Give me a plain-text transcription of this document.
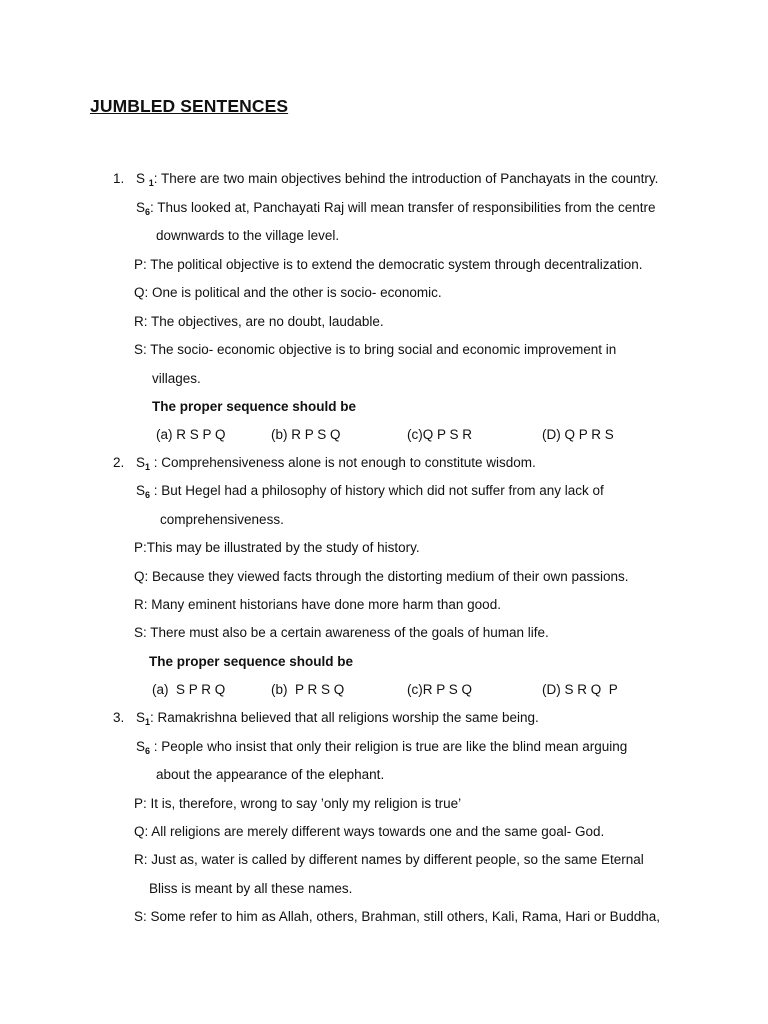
JUMBLED SENTENCES
1. S $_1$: There are two main objectives behind the introduction of Panchayats in the country.
$S_6$: Thus looked at, Panchayati Raj will mean transfer of responsibilities from the centre
downwards to the village level.
P: The political objective is to extend the democratic system through decentralization.
Q: One is political and the other is socio- economic.
R: The objectives, are no doubt, laudable.
S: The socio- economic objective is to bring social and economic improvement in
villages.
The proper sequence should be
(a) R S P Q	(b) R P S Q	(c)Q P S R	(D) Q P R S
2. $S_1$ : Comprehensiveness alone is not enough to constitute wisdom.
$S_6$ : But Hegel had a philosophy of history which did not suffer from any lack of
comprehensiveness.
P:This may be illustrated by the study of history.
Q: Because they viewed facts through the distorting medium of their own passions.
R: Many eminent historians have done more harm than good.
S: There must also be a certain awareness of the goals of human life.
The proper sequence should be
(a)  S P R Q	(b)  P R S Q	(c)R P S Q	(D) S R Q  P
3. $S_1$: Ramakrishna believed that all religions worship the same being.
$S_6$ : People who insist that only their religion is true are like the blind mean arguing
about the appearance of the elephant.
P: It is, therefore, wrong to say ’only my religion is true’
Q: All religions are merely different ways towards one and the same goal- God.
R: Just as, water is called by different names by different people, so the same Eternal
Bliss is meant by all these names.
S: Some refer to him as Allah, others, Brahman, still others, Kali, Rama, Hari or Buddha,
